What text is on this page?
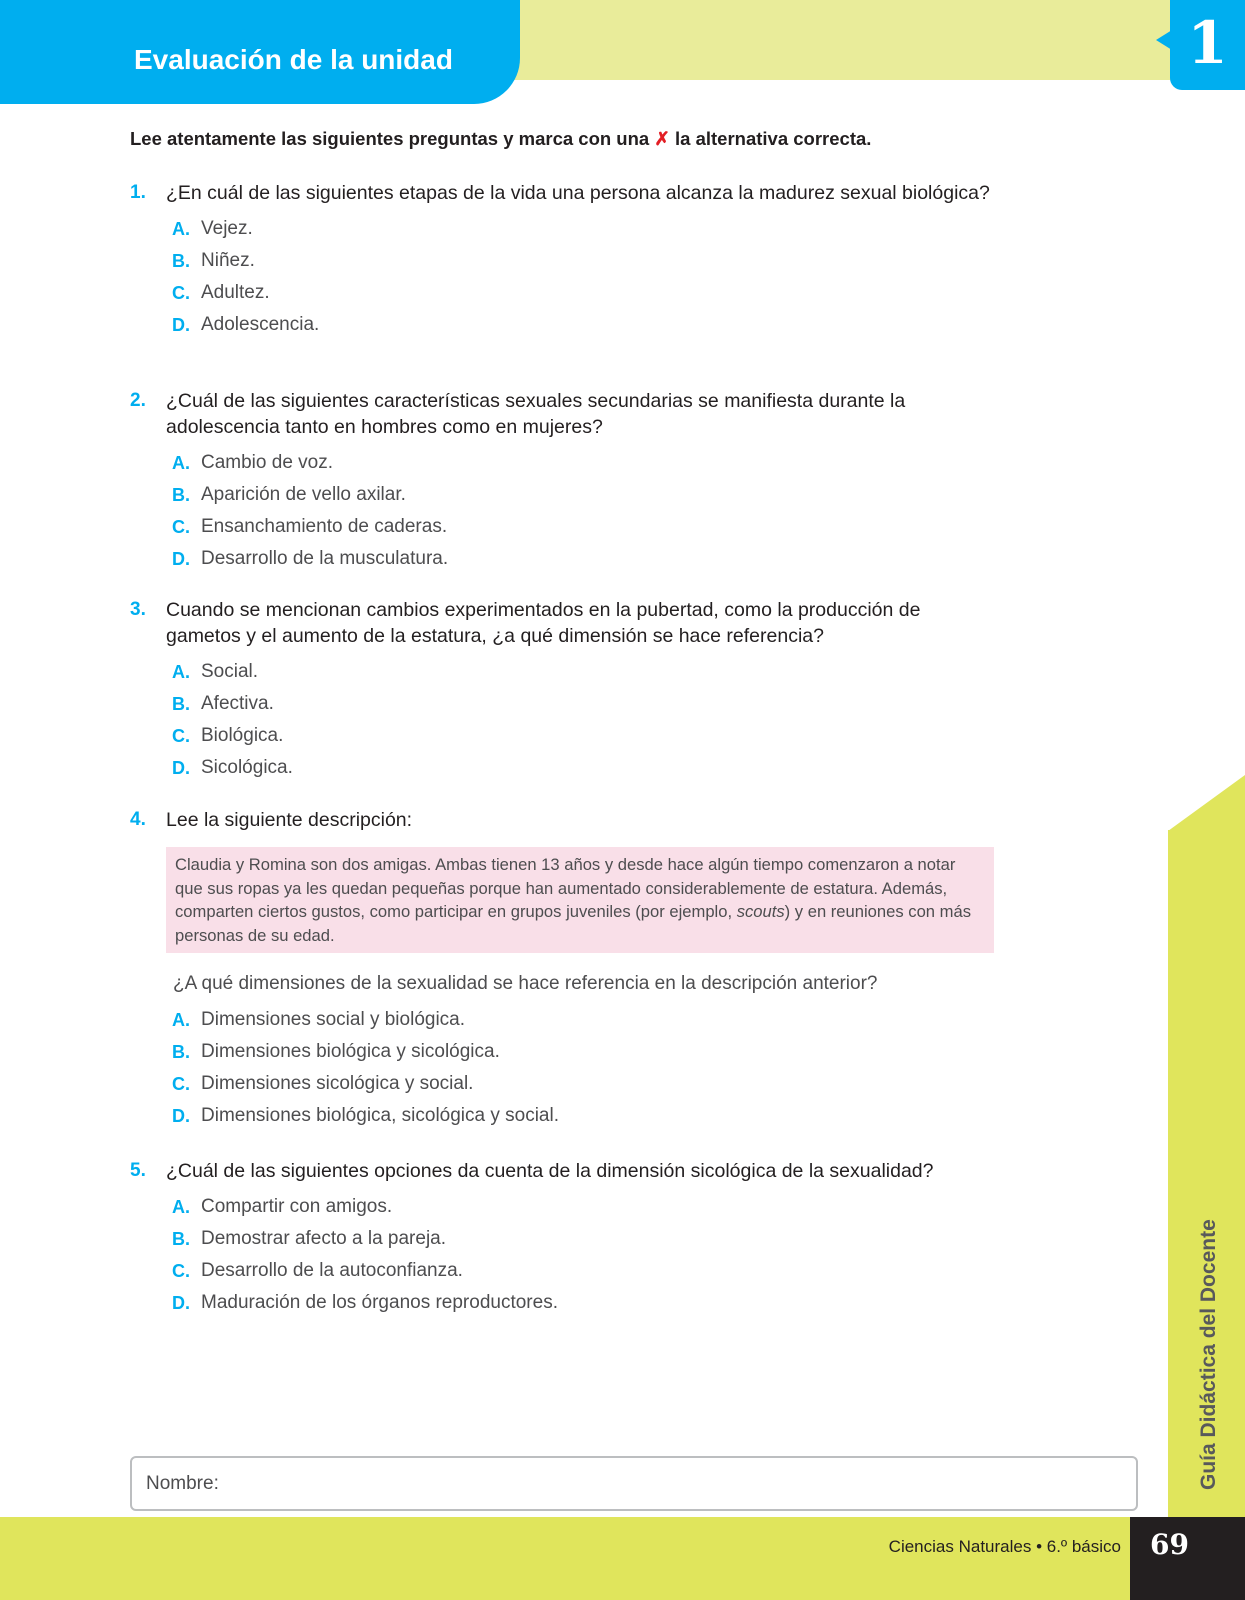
Evaluación de la unidad	1
Lee atentamente las siguientes preguntas y marca con una ✗ la alternativa correcta.
1.	¿En cuál de las siguientes etapas de la vida una persona alcanza la madurez sexual biológica?
A. Vejez.
B. Niñez.
C. Adultez.
D. Adolescencia.
2.	¿Cuál de las siguientes características sexuales secundarias se manifiesta durante la adolescencia tanto en hombres como en mujeres?
A. Cambio de voz.
B. Aparición de vello axilar.
C. Ensanchamiento de caderas.
D. Desarrollo de la musculatura.
3.	Cuando se mencionan cambios experimentados en la pubertad, como la producción de gametos y el aumento de la estatura, ¿a qué dimensión se hace referencia?
A. Social.
B. Afectiva.
C. Biológica.
D. Sicológica.
4.	Lee la siguiente descripción:
Claudia y Romina son dos amigas. Ambas tienen 13 años y desde hace algún tiempo comenzaron a notar que sus ropas ya les quedan pequeñas porque han aumentado considerablemente de estatura. Además, comparten ciertos gustos, como participar en grupos juveniles (por ejemplo, scouts) y en reuniones con más personas de su edad.
¿A qué dimensiones de la sexualidad se hace referencia en la descripción anterior?
A. Dimensiones social y biológica.
B. Dimensiones biológica y sicológica.
C. Dimensiones sicológica y social.
D. Dimensiones biológica, sicológica y social.
5.	¿Cuál de las siguientes opciones da cuenta de la dimensión sicológica de la sexualidad?
A. Compartir con amigos.
B. Demostrar afecto a la pareja.
C. Desarrollo de la autoconfianza.
D. Maduración de los órganos reproductores.	Guía Didáctica del Docente
Ciencias Naturales • 6.º básico	69
Nombre:
